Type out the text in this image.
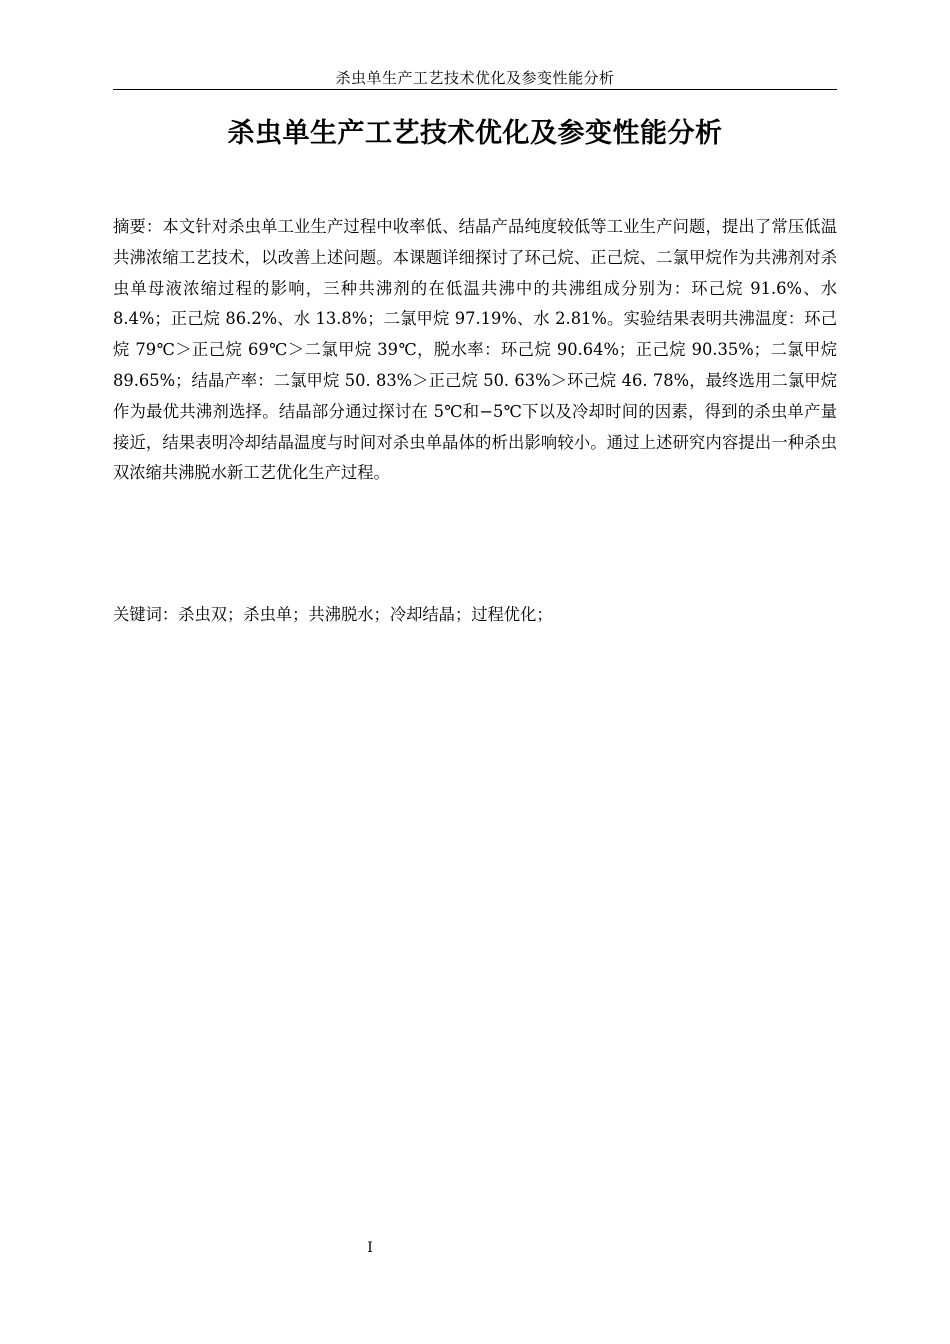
杀虫单生产工艺技术优化及参变性能分析
杀虫单生产工艺技术优化及参变性能分析

摘要：本文针对杀虫单工业生产过程中收率低、结晶产品纯度较低等工业生产问题，提出了常压低温共沸浓缩工艺技术，以改善上述问题。本课题详细探讨了环己烷、正己烷、二氯甲烷作为共沸剂对杀虫单母液浓缩过程的影响，三种共沸剂的在低温共沸中的共沸组成分别为：环己烷 91.6%、水 8.4%；正己烷 86.2%、水 13.8%；二氯甲烷 97.19%、水 2.81%。实验结果表明共沸温度：环己烷 79℃＞正己烷 69℃＞二氯甲烷 39℃，脱水率：环己烷 90.64%；正己烷 90.35%；二氯甲烷 89.65%；结晶产率：二氯甲烷 50. 83%＞正己烷 50. 63%＞环己烷 46. 78%，最终选用二氯甲烷作为最优共沸剂选择。结晶部分通过探讨在 5℃和−5℃下以及冷却时间的因素，得到的杀虫单产量接近，结果表明冷却结晶温度与时间对杀虫单晶体的析出影响较小。通过上述研究内容提出一种杀虫双浓缩共沸脱水新工艺优化生产过程。

关键词：杀虫双；杀虫单；共沸脱水；冷却结晶；过程优化；

I
